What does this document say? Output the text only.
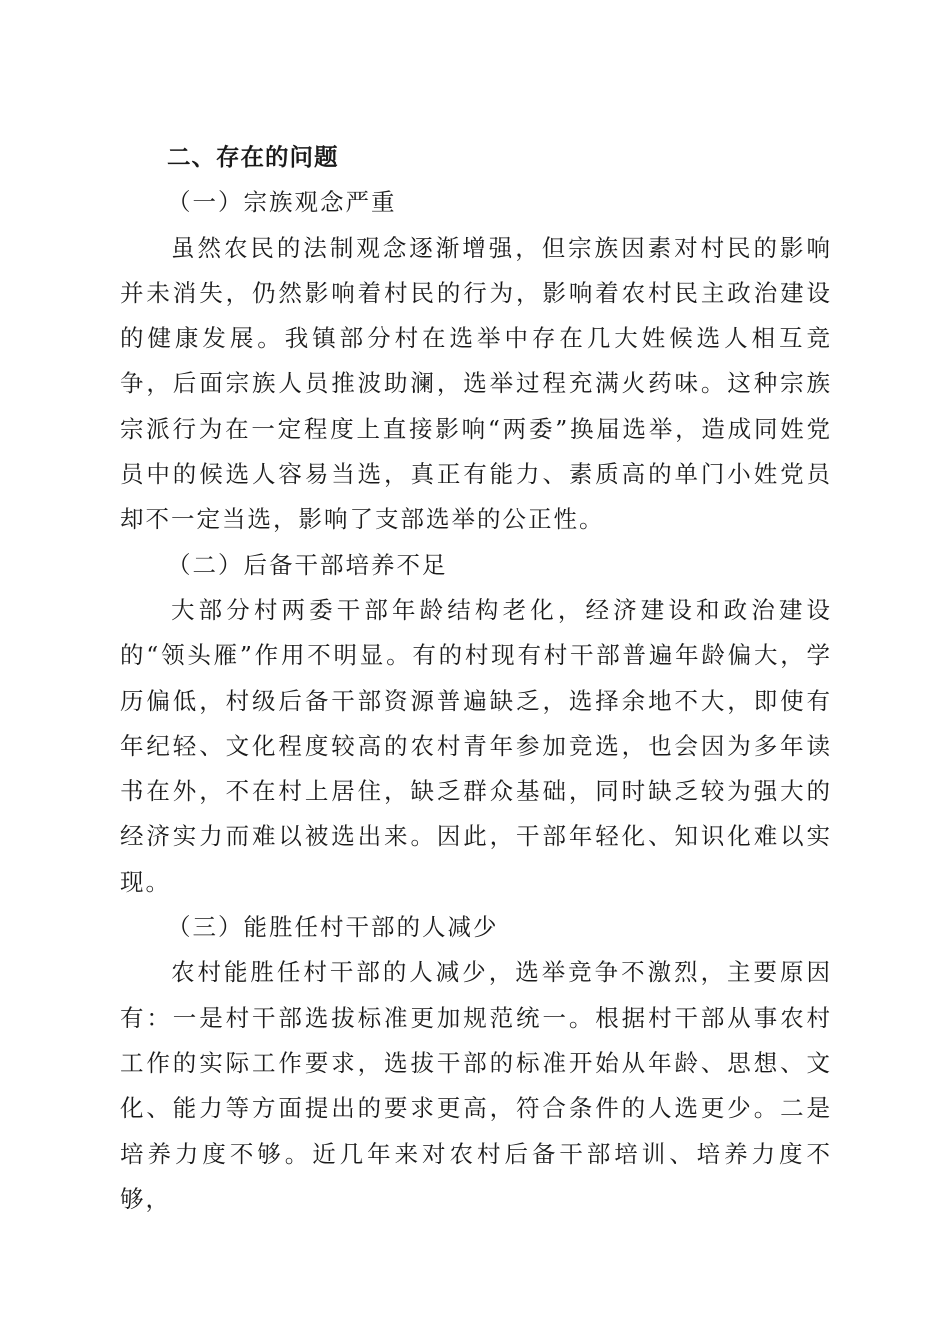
二、存在的问题
（一）宗族观念严重

虽然农民的法制观念逐渐增强，但宗族因素对村民的影响并未消失，仍然影响着村民的行为，影响着农村民主政治建设的健康发展。我镇部分村在选举中存在几大姓候选人相互竞争，后面宗族人员推波助澜，选举过程充满火药味。这种宗族宗派行为在一定程度上直接影响“两委”换届选举，造成同姓党员中的候选人容易当选，真正有能力、素质高的单门小姓党员却不一定当选，影响了支部选举的公正性。

（二）后备干部培养不足

大部分村两委干部年龄结构老化，经济建设和政治建设的“领头雁”作用不明显。有的村现有村干部普遍年龄偏大，学历偏低，村级后备干部资源普遍缺乏，选择余地不大，即使有年纪轻、文化程度较高的农村青年参加竞选，也会因为多年读书在外，不在村上居住，缺乏群众基础，同时缺乏较为强大的经济实力而难以被选出来。因此，干部年轻化、知识化难以实现。

（三）能胜任村干部的人减少

农村能胜任村干部的人减少，选举竞争不激烈，主要原因有：一是村干部选拔标准更加规范统一。根据村干部从事农村工作的实际工作要求，选拔干部的标准开始从年龄、思想、文化、能力等方面提出的要求更高，符合条件的人选更少。二是培养力度不够。近几年来对农村后备干部培训、培养力度不够，
